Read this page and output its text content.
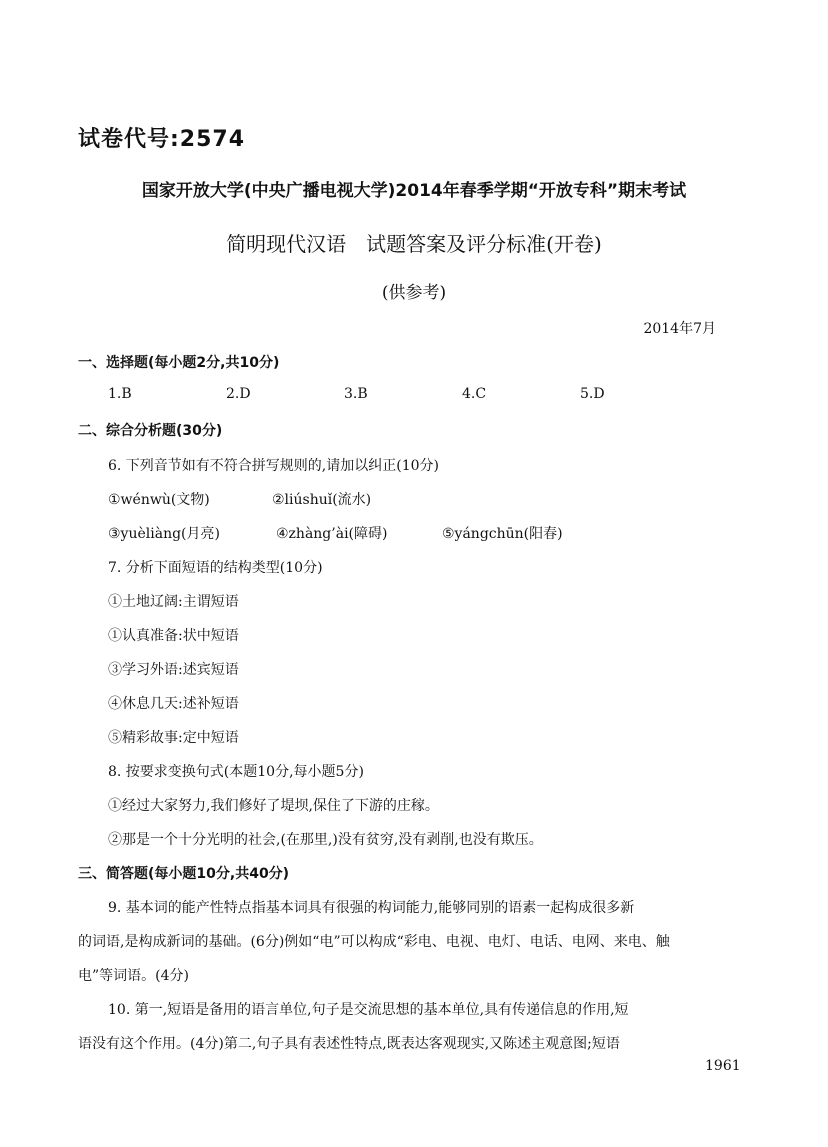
试卷代号:2574
国家开放大学(中央广播电视大学)2014年春季学期“开放专科”期末考试
简明现代汉语　试题答案及评分标准(开卷)
(供参考)
2014年7月
一、选择题(每小题2分,共10分)
1.B	2.D	3.B	4.C	5.D
二、综合分析题(30分)
6. 下列音节如有不符合拼写规则的,请加以纠正(10分)
①wénwù(文物)	②liúshuǐ(流水)
③yuèliàng(月亮)	④zhàng’ài(障碍)	⑤yángchūn(阳春)
7. 分析下面短语的结构类型(10分)
①土地辽阔:主谓短语
①认真准备:状中短语
③学习外语:述宾短语
④休息几天:述补短语
⑤精彩故事:定中短语
8. 按要求变换句式(本题10分,每小题5分)
①经过大家努力,我们修好了堤坝,保住了下游的庄稼。
②那是一个十分光明的社会,(在那里,)没有贫穷,没有剥削,也没有欺压。
三、简答题(每小题10分,共40分)
9. 基本词的能产性特点指基本词具有很强的构词能力,能够同别的语素一起构成很多新
的词语,是构成新词的基础。(6分)例如“电”可以构成“彩电、电视、电灯、电话、电网、来电、触
电”等词语。(4分)
10. 第一,短语是备用的语言单位,句子是交流思想的基本单位,具有传递信息的作用,短
语没有这个作用。(4分)第二,句子具有表述性特点,既表达客观现实,又陈述主观意图;短语
1961
